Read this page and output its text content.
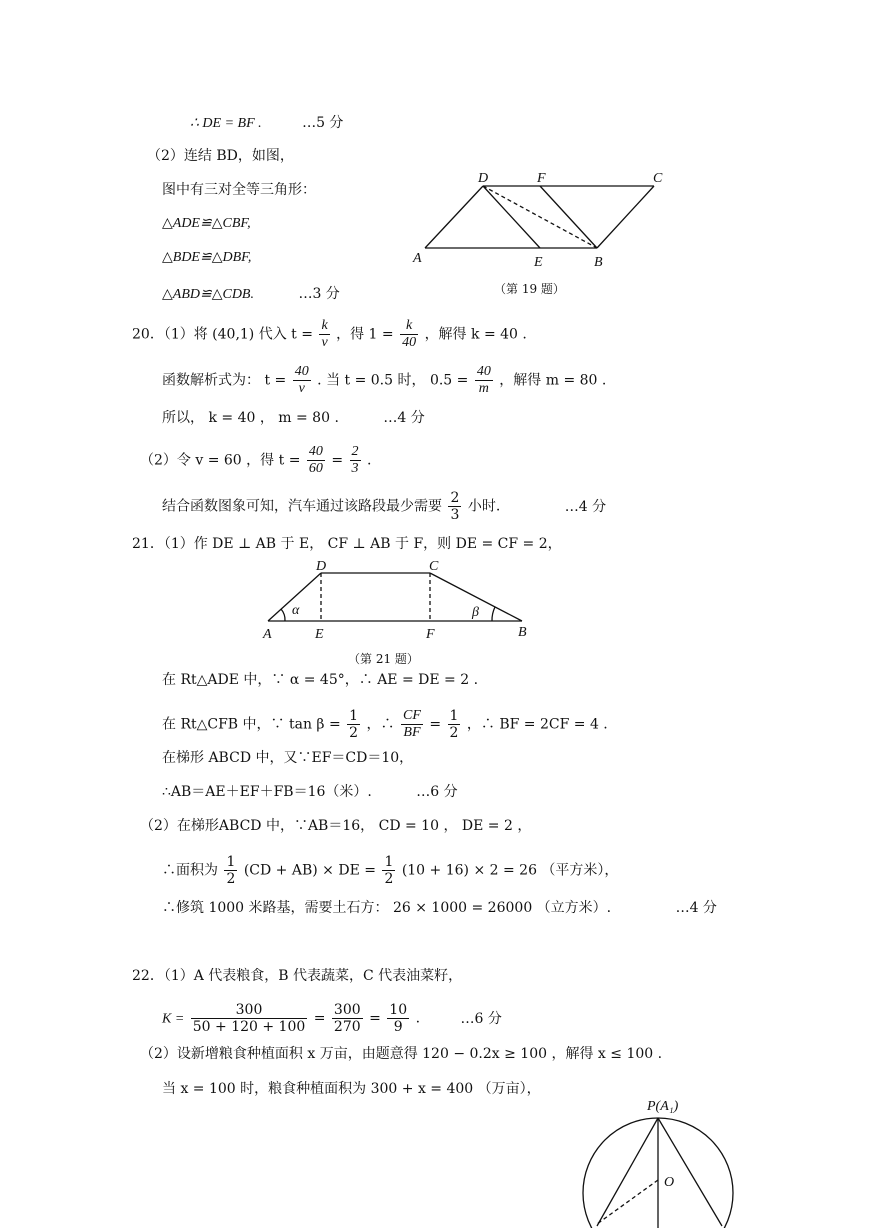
∴ DE = BF .	…5 分
（2）连结 BD，如图，
图中有三对全等三角形：
△ADE≌△CBF,
△BDE≌△DBF,
△ABD≌△CDB.	…3 分
D	F	C
A	E	B
（第 19 题）
20．（1）将 (40,1) 代入 $t = \frac{k}{v}$ ，得 $1 = \frac{k}{40}$ ，解得 k = 40 .
函数解析式为： $t = \frac{40}{v}$ . 当 t = 0.5 时， $0.5 = \frac{40}{m}$ ，解得 m = 80 .
所以， k = 40 ， m = 80 .	…4 分
（2）令 v = 60 ，得 $t = \frac{40}{60} = \frac{2}{3}$ .
结合函数图象可知，汽车通过该路段最少需要 $\frac{2}{3}$ 小时.	…4 分
21．（1）作 DE ⊥ AB 于 E， CF ⊥ AB 于 F，则 DE = CF = 2，
D	C
A	E	F	B
α	β
（第 21 题）
在 Rt△ADE 中，∵ α = 45°，∴ AE = DE = 2 .
在 Rt△CFB 中，∵ $\tan \beta = \frac{1}{2}$ ，∴ $\frac{CF}{BF} = \frac{1}{2}$ ，∴ BF = 2CF = 4 .
在梯形 ABCD 中，又∵EF＝CD＝10，
∴AB＝AE＋EF＋FB＝16（米）.	…6 分
（2）在梯形ABCD 中，∵AB＝16， CD = 10 ， DE = 2 ，
∴面积为 $\frac{1}{2} (CD + AB)$ × DE = $\frac{1}{2} (10 + 16) \times 2 = 26$ （平方米），
∴修筑 1000 米路基，需要土石方： 26 × 1000 = 26000 （立方米）.	…4 分
22．（1）A 代表粮食，B 代表蔬菜，C 代表油菜籽，
$K = \frac{300}{50 + 120 + 100} = \frac{300}{270} = \frac{10}{9}$ .	…6 分
（2）设新增粮食种植面积 x 万亩，由题意得 120 − 0.2x ≥ 100 ，解得 x ≤ 100 .
当 x = 100 时，粮食种植面积为 300 + x = 400 （万亩），
P(A₁)
O
